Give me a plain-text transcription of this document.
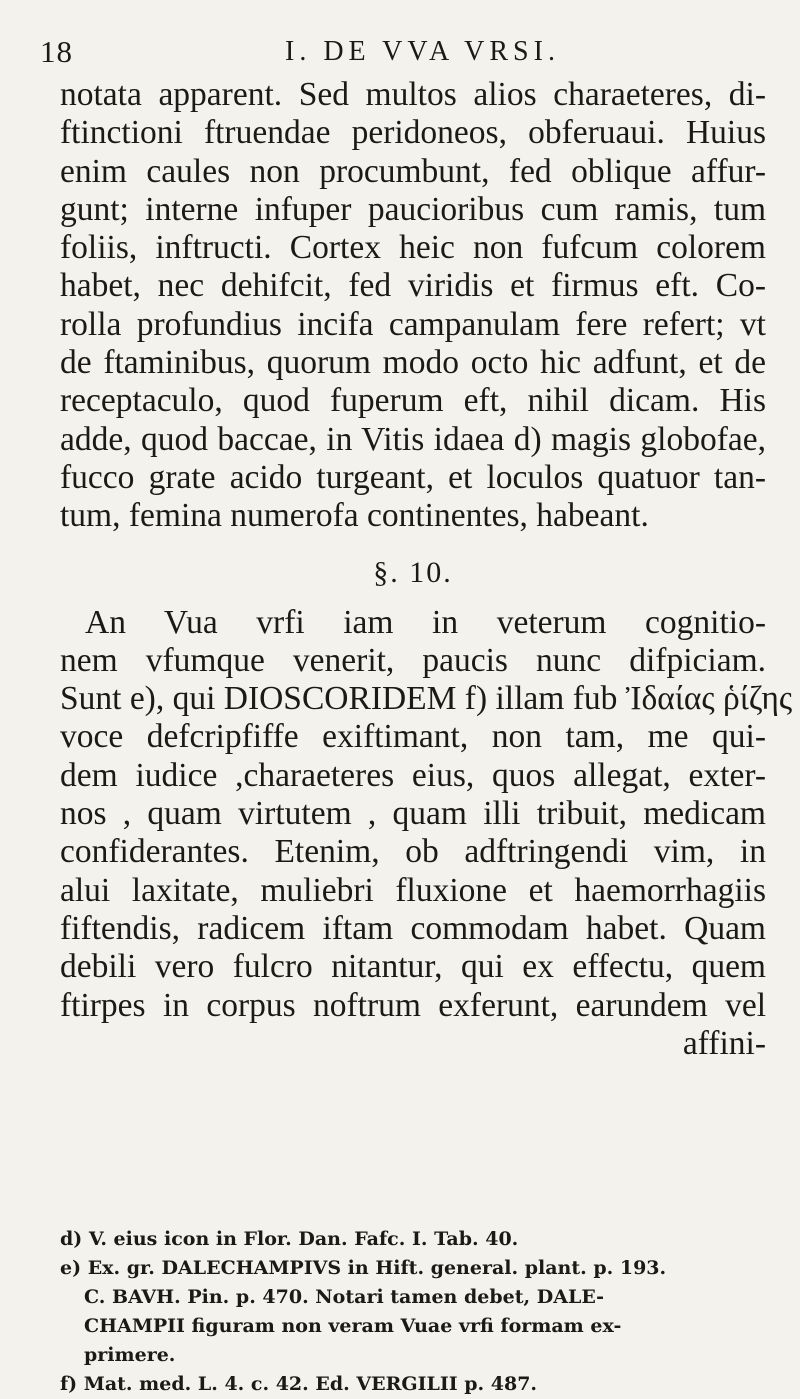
18	I. DE VVA VRSI.
notata apparent. Sed multos alios charaeteres, di-
ftinctioni ftruendae peridoneos, obferuaui. Huius
enim caules non procumbunt, fed oblique affur-
gunt; interne infuper paucioribus cum ramis, tum
foliis, inftructi. Cortex heic non fufcum colorem
habet, nec dehifcit, fed viridis et firmus eft. Co-
rolla profundius incifa campanulam fere refert; vt
de ftaminibus, quorum modo octo hic adfunt, et de
receptaculo, quod fuperum eft, nihil dicam. His
adde, quod baccae, in Vitis idaea d) magis globofae,
fucco grate acido turgeant, et loculos quatuor tan-
tum, femina numerofa continentes, habeant.
§. 10.
An Vua vrfi iam in veterum cognitio-
nem vfumque venerit, paucis nunc difpiciam.
Sunt e), qui DIOSCORIDEM f) illam fub Ἰδαίας ῥίζης
voce defcripfiffe exiftimant, non tam, me qui-
dem iudice ,charaeteres eius, quos allegat, exter-
nos , quam virtutem , quam illi tribuit, medicam
confiderantes. Etenim, ob adftringendi vim, in
alui laxitate, muliebri fluxione et haemorrhagiis
fiftendis, radicem iftam commodam habet. Quam
debili vero fulcro nitantur, qui ex effectu, quem
ftirpes in corpus noftrum exferunt, earundem vel
affini-
d) V. eius icon in Flor. Dan. Fafc. I. Tab. 40.
e) Ex. gr. DALECHAMPIVS in Hift. general. plant. p. 193.
C. BAVH. Pin. p. 470. Notari tamen debet, DALE-
CHAMPII figuram non veram Vuae vrfi formam ex-
primere.
f) Mat. med. L. 4. c. 42. Ed. VERGILII p. 487.
